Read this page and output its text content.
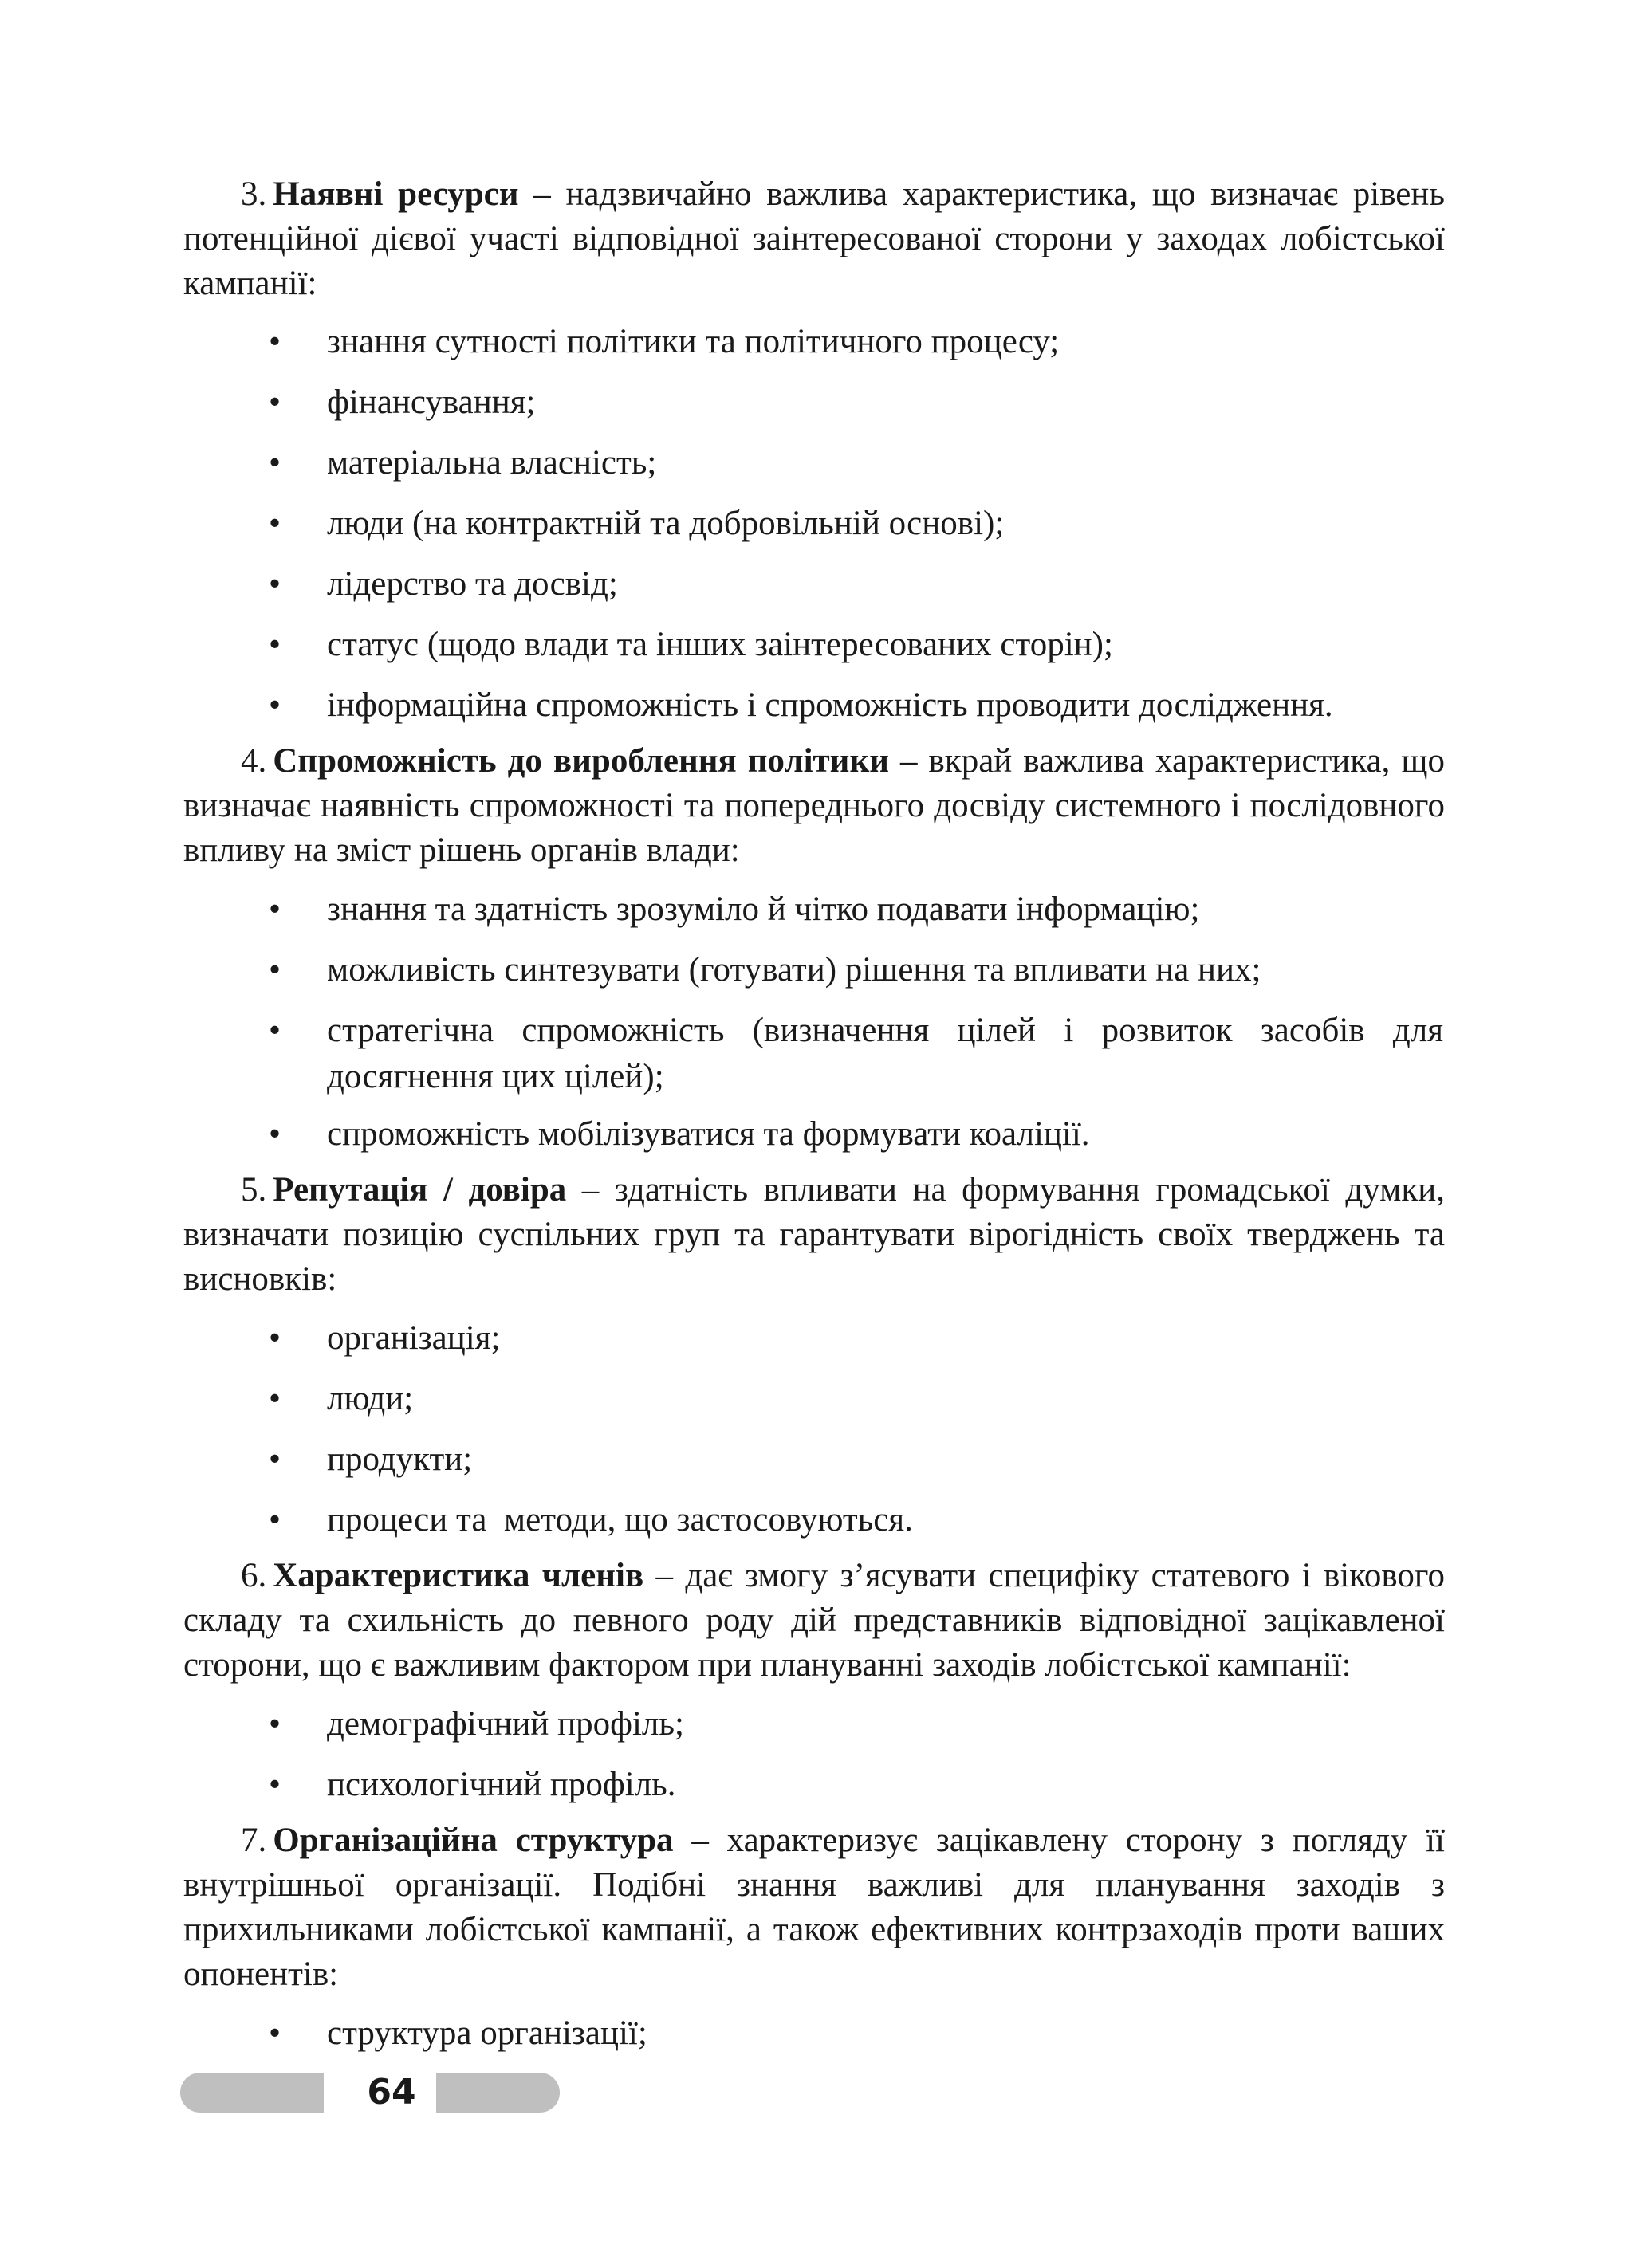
3. Наявні ресурси – надзвичайно важлива характеристика, що визначає рівень потенційної дієвої участі відповідної заінтересованої сторони у заходах лобістської кампанії:

• знання сутності політики та політичного процесу;
• фінансування;
• матеріальна власність;
• люди (на контрактній та добровільній основі);
• лідерство та досвід;
• статус (щодо влади та інших заінтересованих сторін);
• інформаційна спроможність і спроможність проводити дослідження.

4. Спроможність до вироблення політики – вкрай важлива характеристика, що визначає наявність спроможності та попереднього досвіду системного і послідовного впливу на зміст рішень органів влади:

• знання та здатність зрозуміло й чітко подавати інформацію;
• можливість синтезувати (готувати) рішення та впливати на них;
• стратегічна спроможність (визначення цілей і розвиток засобів для досягнення цих цілей);
• спроможність мобілізуватися та формувати коаліції.

5. Репутація / довіра – здатність впливати на формування громадської думки, визначати позицію суспільних груп та гарантувати вірогідність своїх тверджень та висновків:

• організація;
• люди;
• продукти;
• процеси та  методи, що застосовуються.

6. Характеристика членів – дає змогу з’ясувати специфіку статевого і вікового складу та схильність до певного роду дій представників відповідної зацікавленої сторони, що є важливим фактором при плануванні заходів лобістської кампанії:

• демографічний профіль;
• психологічний профіль.

7. Організаційна структура – характеризує зацікавлену сторону з погляду її внутрішньої організації. Подібні знання важливі для планування заходів з прихильниками лобістської кампанії, а також ефективних контрзаходів проти ваших опонентів:

• структура організації;
64
